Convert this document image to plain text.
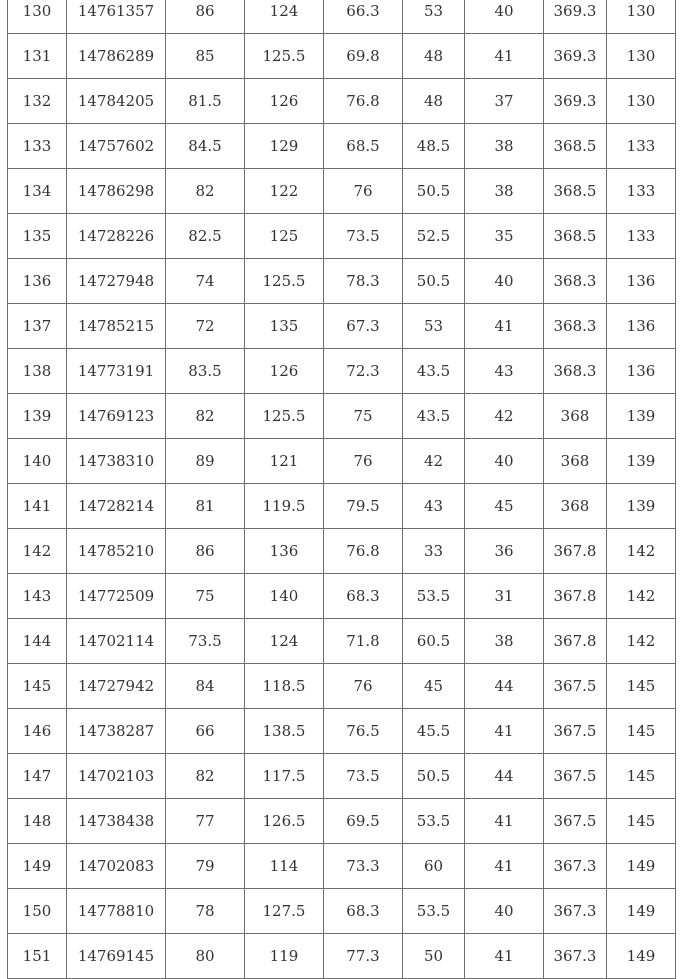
130	14761357	86	124	66.3	53	40	369.3	130
131	14786289	85	125.5	69.8	48	41	369.3	130
132	14784205	81.5	126	76.8	48	37	369.3	130
133	14757602	84.5	129	68.5	48.5	38	368.5	133
134	14786298	82	122	76	50.5	38	368.5	133
135	14728226	82.5	125	73.5	52.5	35	368.5	133
136	14727948	74	125.5	78.3	50.5	40	368.3	136
137	14785215	72	135	67.3	53	41	368.3	136
138	14773191	83.5	126	72.3	43.5	43	368.3	136
139	14769123	82	125.5	75	43.5	42	368	139
140	14738310	89	121	76	42	40	368	139
141	14728214	81	119.5	79.5	43	45	368	139
142	14785210	86	136	76.8	33	36	367.8	142
143	14772509	75	140	68.3	53.5	31	367.8	142
144	14702114	73.5	124	71.8	60.5	38	367.8	142
145	14727942	84	118.5	76	45	44	367.5	145
146	14738287	66	138.5	76.5	45.5	41	367.5	145
147	14702103	82	117.5	73.5	50.5	44	367.5	145
148	14738438	77	126.5	69.5	53.5	41	367.5	145
149	14702083	79	114	73.3	60	41	367.3	149
150	14778810	78	127.5	68.3	53.5	40	367.3	149
151	14769145	80	119	77.3	50	41	367.3	149
